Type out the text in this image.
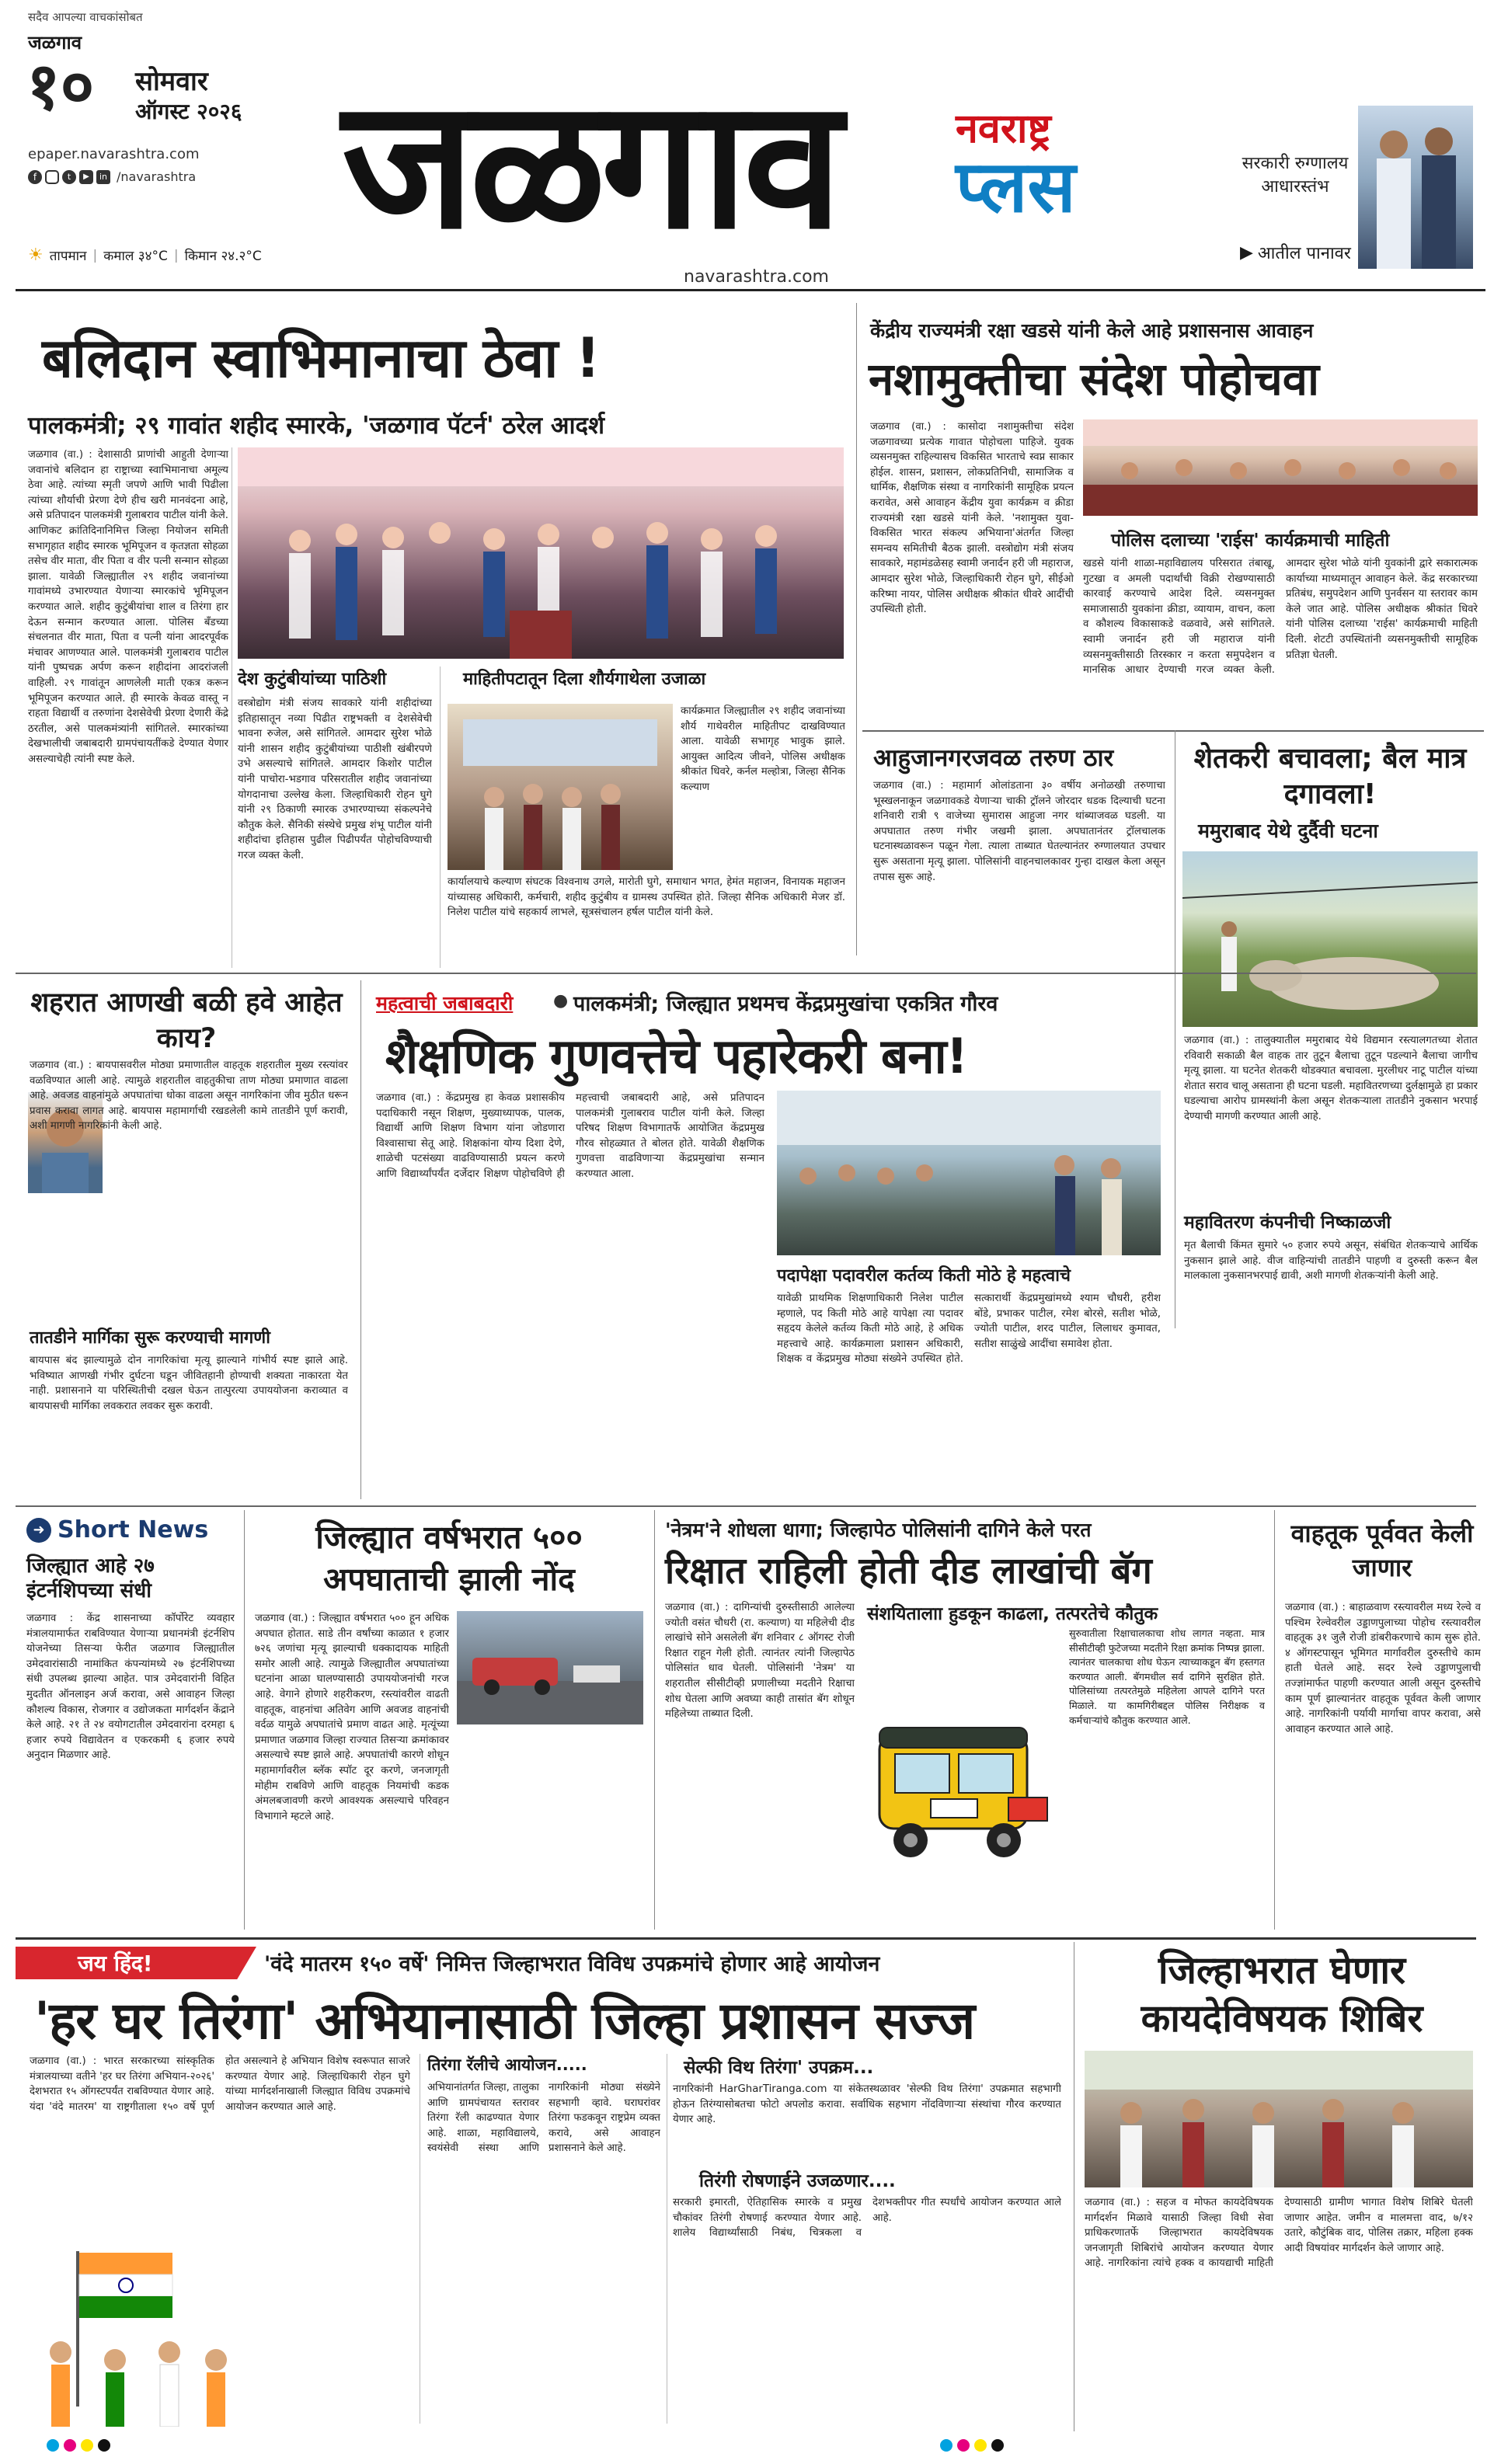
सदैव आपल्या वाचकांसोबत
जळगाव
१० सोमवार
ऑगस्ट २०२६
epaper.navarashtra.com
f	t	▶	in /navarashtra
☀ तापमान | कमाल ३४°C | किमान २४.२°C जळगाव
navarashtra.com
नवराष्ट्र
प्लस	सरकारी रुग्णालय आधारस्तंभ
▶ आतील पानावर
बलिदान स्वाभिमानाचा ठेवा !
पालकमंत्री; २९ गावांत शहीद स्मारके, 'जळगाव पॅटर्न' ठरेल आदर्श
जळगाव (वा.) : देशासाठी प्राणांची आहुती देणाऱ्या जवानांचे बलिदान हा राष्ट्राच्या स्वाभिमानाचा अमूल्य ठेवा आहे. त्यांच्या स्मृती जपणे आणि भावी पिढीला त्यांच्या शौर्याची प्रेरणा देणे हीच खरी मानवंदना आहे, असे प्रतिपादन पालकमंत्री गुलाबराव पाटील यांनी केले. आणिकट क्रांतिदिनानिमित्त जिल्हा नियोजन समिती सभागृहात शहीद स्मारक भूमिपूजन व कृतज्ञता सोहळा तसेच वीर माता, वीर पिता व वीर पत्नी सन्मान सोहळा झाला. यावेळी जिल्ह्यातील २९ शहीद जवानांच्या गावांमध्ये उभारण्यात येणाऱ्या स्मारकांचे भूमिपूजन करण्यात आले. शहीद कुटुंबीयांचा शाल व तिरंगा हार देऊन सन्मान करण्यात आला. पोलिस बँडच्या संचलनात वीर माता, पिता व पत्नी यांना आदरपूर्वक मंचावर आणण्यात आले. पालकमंत्री गुलाबराव पाटील यांनी पुष्पचक्र अर्पण करून शहीदांना आदरांजली वाहिली. २९ गावांतून आणलेली माती एकत्र करून भूमिपूजन करण्यात आले. ही स्मारके केवळ वास्तू न राहता विद्यार्थी व तरुणांना देशसेवेची प्रेरणा देणारी केंद्रे ठरतील, असे पालकमंत्र्यांनी सांगितले. स्मारकांच्या देखभालीची जबाबदारी ग्रामपंचायतींकडे देण्यात येणार असल्याचेही त्यांनी स्पष्ट केले.
देश कुटुंबीयांच्या पाठिशी
वस्त्रोद्योग मंत्री संजय सावकारे यांनी शहीदांच्या इतिहासातून नव्या पिढीत राष्ट्रभक्ती व देशसेवेची भावना रुजेल, असे सांगितले. आमदार सुरेश भोळे यांनी शासन शहीद कुटुंबीयांच्या पाठीशी खंबीरपणे उभे असल्याचे सांगितले. आमदार किशोर पाटील यांनी पाचोरा-भडगाव परिसरातील शहीद जवानांच्या योगदानाचा उल्लेख केला. जिल्हाधिकारी रोहन घुगे यांनी २९ ठिकाणी स्मारक उभारण्याच्या संकल्पनेचे कौतुक केले. सैनिकी संस्थेचे प्रमुख शंभू पाटील यांनी शहीदांचा इतिहास पुढील पिढीपर्यंत पोहोचविण्याची गरज व्यक्त केली.
माहितीपटातून दिला शौर्यगाथेला उजाळा
कार्यक्रमात जिल्ह्यातील २९ शहीद जवानांच्या शौर्य गाथेवरील माहितीपट दाखविण्यात आला. यावेळी सभागृह भावुक झाले. आयुक्त आदित्य जीवने, पोलिस अधीक्षक श्रीकांत धिवरे, कर्नल मल्होत्रा, जिल्हा सैनिक कल्याण
कार्यालयाचे कल्याण संघटक विश्वनाथ उगले, मारोती घुगे, समाधान भगत, हेमंत महाजन, विनायक महाजन यांच्यासह अधिकारी, कर्मचारी, शहीद कुटुंबीय व ग्रामस्थ उपस्थित होते. जिल्हा सैनिक अधिकारी मेजर डॉ. निलेश पाटील यांचे सहकार्य लाभले, सूत्रसंचालन हर्षल पाटील यांनी केले.
केंद्रीय राज्यमंत्री रक्षा खडसे यांनी केले आहे प्रशासनास आवाहन
नशामुक्तीचा संदेश पोहोचवा
जळगाव (वा.) : कासोदा नशामुक्तीचा संदेश जळगावच्या प्रत्येक गावात पोहोचला पाहिजे. युवक व्यसनमुक्त राहिल्यासच विकसित भारताचे स्वप्न साकार होईल. शासन, प्रशासन, लोकप्रतिनिधी, सामाजिक व धार्मिक, शैक्षणिक संस्था व नागरिकांनी सामूहिक प्रयत्न करावेत, असे आवाहन केंद्रीय युवा कार्यक्रम व क्रीडा राज्यमंत्री रक्षा खडसे यांनी केले. 'नशामुक्त युवा-विकसित भारत संकल्प अभियाना'अंतर्गत जिल्हा समन्वय समितीची बैठक झाली. वस्त्रोद्योग मंत्री संजय सावकारे, महामंडळेसह स्वामी जनार्दन हरी जी महाराज, आमदार सुरेश भोळे, जिल्हाधिकारी रोहन घुगे, सीईओ करिष्मा नायर, पोलिस अधीक्षक श्रीकांत धीवरे आदींची उपस्थिती होती.
पोलिस दलाच्या 'राईस' कार्यक्रमाची माहिती
खडसे यांनी शाळा-महाविद्यालय परिसरात तंबाखू, गुटखा व अमली पदार्थांची विक्री रोखण्यासाठी कारवाई करण्याचे आदेश दिले. व्यसनमुक्त समाजासाठी युवकांना क्रीडा, व्यायाम, वाचन, कला व कौशल्य विकासाकडे वळवावे, असे सांगितले. स्वामी जनार्दन हरी जी महाराज यांनी व्यसनमुक्तीसाठी तिरस्कार न करता समुपदेशन व मानसिक आधार देण्याची गरज व्यक्त केली. आमदार सुरेश भोळे यांनी युवकांनी द्वारे सकारात्मक कार्याच्या माध्यमातून आवाहन केले. केंद्र सरकारच्या प्रतिबंध, समुपदेशन आणि पुनर्वसन या स्तरावर काम केले जात आहे. पोलिस अधीक्षक श्रीकांत धिवरे यांनी पोलिस दलाच्या 'राईस' कार्यक्रमाची माहिती दिली. शेटटी उपस्थितांनी व्यसनमुक्तीची सामूहिक प्रतिज्ञा घेतली.
आहुजानगरजवळ तरुण ठार
जळगाव (वा.) : महामार्ग ओलांडताना ३० वर्षीय अनोळखी तरुणाचा भूस्खलनाकून जळगावकडे येणाऱ्या चाकी ट्रॉलने जोरदार धडक दिल्याची घटना शनिवारी रात्री ९ वाजेच्या सुमारास आहुजा नगर थांब्याजवळ घडली. या अपघातात तरुण गंभीर जखमी झाला. अपघातानंतर ट्रॉलचालक घटनास्थळावरून पळून गेला. त्याला ताब्यात घेतल्यानंतर रुग्णालयात उपचार सुरू असताना मृत्यू झाला. पोलिसांनी वाहनचालकावर गुन्हा दाखल केला असून तपास सुरू आहे.
शेतकरी बचावला; बैल मात्र दगावला!
ममुराबाद येथे दुर्दैवी घटना
जळगाव (वा.) : तालुक्यातील ममुराबाद येथे विद्यमान रस्त्यालगतच्या शेतात रविवारी सकाळी बैल वाहक तार तुटून बैलाचा तुटून पडल्याने बैलाचा जागीच मृत्यू झाला. या घटनेत शेतकरी थोडक्यात बचावला. मुरलीधर नाटू पाटील यांच्या शेतात सराव चालू असताना ही घटना घडली. महावितरणच्या दुर्लक्षामुळे हा प्रकार घडल्याचा आरोप ग्रामस्थांनी केला असून शेतकऱ्याला तातडीने नुकसान भरपाई देण्याची मागणी करण्यात आली आहे.
महावितरण कंपनीची निष्काळजी
मृत बैलाची किंमत सुमारे ५० हजार रुपये असून, संबंधित शेतकऱ्याचे आर्थिक नुकसान झाले आहे. वीज वाहिन्यांची तातडीने पाहणी व दुरुस्ती करून बैल मालकाला नुकसानभरपाई द्यावी, अशी मागणी शेतकऱ्यांनी केली आहे.
शहरात आणखी बळी हवे आहेत काय?
जळगाव (वा.) : बायपासवरील मोठ्या प्रमाणातील वाहतूक शहरातील मुख्य रस्त्यांवर वळविण्यात आली आहे. त्यामुळे शहरातील वाहतुकीचा ताण मोठ्या प्रमाणात वाढला आहे. अवजड वाहनांमुळे अपघातांचा धोका वाढला असून नागरिकांना जीव मुठीत धरून प्रवास करावा लागत आहे. बायपास महामार्गाची रखडलेली कामे तातडीने पूर्ण करावी, अशी मागणी नागरिकांनी केली आहे.
तातडीने मार्गिका सुरू करण्याची मागणी
बायपास बंद झाल्यामुळे दोन नागरिकांचा मृत्यू झाल्याने गांभीर्य स्पष्ट झाले आहे. भविष्यात आणखी गंभीर दुर्घटना घडून जीवितहानी होण्याची शक्यता नाकारता येत नाही. प्रशासनाने या परिस्थितीची दखल घेऊन तात्पुरत्या उपाययोजना कराव्यात व बायपासची मार्गिका लवकरात लवकर सुरू करावी.
महत्वाची जबाबदारी ● पालकमंत्री; जिल्ह्यात प्रथमच केंद्रप्रमुखांचा एकत्रित गौरव
शैक्षणिक गुणवत्तेचे पहारेकरी बना!
जळगाव (वा.) : केंद्रप्रमुख हा केवळ प्रशासकीय पदाधिकारी नसून शिक्षण, मुख्याध्यापक, पालक, विद्यार्थी आणि शिक्षण विभाग यांना जोडणारा विश्वासाचा सेतू आहे. शिक्षकांना योग्य दिशा देणे, शाळेची पटसंख्या वाढविण्यासाठी प्रयत्न करणे आणि विद्यार्थ्यांपर्यंत दर्जेदार शिक्षण पोहोचविणे ही महत्त्वाची जबाबदारी आहे, असे प्रतिपादन पालकमंत्री गुलाबराव पाटील यांनी केले. जिल्हा परिषद शिक्षण विभागातर्फे आयोजित केंद्रप्रमुख गौरव सोहळ्यात ते बोलत होते. यावेळी शैक्षणिक गुणवत्ता वाढविणाऱ्या केंद्रप्रमुखांचा सन्मान करण्यात आला.
पदापेक्षा पदावरील कर्तव्य किती मोठे हे महत्वाचे
यावेळी प्राथमिक शिक्षणाधिकारी निलेश पाटील म्हणाले, पद किती मोठे आहे यापेक्षा त्या पदावर सहृदय केलेले कर्तव्य किती मोठे आहे, हे अधिक महत्त्वाचे आहे. कार्यक्रमाला प्रशासन अधिकारी, शिक्षक व केंद्रप्रमुख मोठ्या संख्येने उपस्थित होते. सत्कारार्थी केंद्रप्रमुखांमध्ये श्याम चौधरी, हरीश बोंडे, प्रभाकर पाटील, रमेश बोरसे, सतीश भोळे, ज्योती पाटील, शरद पाटील, लिलाधर कुमावत, सतीश साळुंखे आदींचा समावेश होता.
➜ Short News
जिल्ह्यात आहे २७ इंटर्नशिपच्या संधी
जळगाव : केंद्र शासनाच्या कॉर्पोरेट व्यवहार मंत्रालयामार्फत राबविण्यात येणाऱ्या प्रधानमंत्री इंटर्नशिप योजनेच्या तिसऱ्या फेरीत जळगाव जिल्ह्यातील उमेदवारांसाठी नामांकित कंपन्यांमध्ये २७ इंटर्नशिपच्या संधी उपलब्ध झाल्या आहेत. पात्र उमेदवारांनी विहित मुदतीत ऑनलाइन अर्ज करावा, असे आवाहन जिल्हा कौशल्य विकास, रोजगार व उद्योजकता मार्गदर्शन केंद्राने केले आहे. २१ ते २४ वयोगटातील उमेदवारांना दरमहा ६ हजार रुपये विद्यावेतन व एकरकमी ६ हजार रुपये अनुदान मिळणार आहे.
जिल्ह्यात वर्षभरात ५०० अपघाताची झाली नोंद
जळगाव (वा.) : जिल्ह्यात वर्षभरात ५०० हून अधिक अपघात होतात. साडे तीन वर्षांच्या काळात १ हजार ७२६ जणांचा मृत्यू झाल्याची धक्कादायक माहिती समोर आली आहे. त्यामुळे जिल्ह्यातील अपघातांच्या घटनांना आळा घालण्यासाठी उपाययोजनांची गरज आहे. वेगाने होणारे शहरीकरण, रस्त्यांवरील वाढती वाहतूक, वाहनांचा अतिवेग आणि अवजड वाहनांची वर्दळ यामुळे अपघातांचे प्रमाण वाढत आहे. मृत्यूंच्या प्रमाणात जळगाव जिल्हा राज्यात तिसऱ्या क्रमांकावर असल्याचे स्पष्ट झाले आहे. अपघातांची कारणे शोधून महामार्गावरील ब्लॅक स्पॉट दूर करणे, जनजागृती मोहीम राबविणे आणि वाहतूक नियमांची कडक अंमलबजावणी करणे आवश्यक असल्याचे परिवहन विभागाने म्हटले आहे.
'नेत्रम'ने शोधला धागा; जिल्हापेठ पोलिसांनी दागिने केले परत
रिक्षात राहिली होती दीड लाखांची बॅग
जळगाव (वा.) : दागिन्यांची दुरुस्तीसाठी आलेल्या ज्योती वसंत चौधरी (रा. कल्याण) या महिलेची दीड लाखांचे सोने असलेली बॅग शनिवार ८ ऑगस्ट रोजी रिक्षात राहून गेली होती. त्यानंतर त्यांनी जिल्हापेठ पोलिसांत धाव घेतली. पोलिसांनी 'नेत्रम' या शहरातील सीसीटीव्ही प्रणालीच्या मदतीने रिक्षाचा शोध घेतला आणि अवघ्या काही तासांत बॅग शोधून महिलेच्या ताब्यात दिली.
संशयितालाा हुडकून काढला, तत्परतेचे कौतुक
सुरुवातीला रिक्षाचालकाचा शोध लागत नव्हता. मात्र सीसीटीव्ही फुटेजच्या मदतीने रिक्षा क्रमांक निष्पन्न झाला. त्यानंतर चालकाचा शोध घेऊन त्याच्याकडून बॅग हस्तगत करण्यात आली. बॅगमधील सर्व दागिने सुरक्षित होते. पोलिसांच्या तत्परतेमुळे महिलेला आपले दागिने परत मिळाले. या कामगिरीबद्दल पोलिस निरीक्षक व कर्मचाऱ्यांचे कौतुक करण्यात आले.
वाहतूक पूर्ववत केली जाणार
जळगाव (वा.) : बाहाळवाण रस्त्यावरील मध्य रेल्वे व पश्चिम रेल्वेवरील उड्डाणपुलाच्या पोहोच रस्त्यावरील वाहतूक ३१ जुलै रोजी डांबरीकरणाचे काम सुरू होते. ४ ऑगस्टपासून भूमिगत मार्गावरील दुरुस्तीचे काम हाती घेतले आहे. सदर रेल्वे उड्डाणपुलाची तज्ज्ञांमार्फत पाहणी करण्यात आली असून दुरुस्तीचे काम पूर्ण झाल्यानंतर वाहतूक पूर्ववत केली जाणार आहे. नागरिकांनी पर्यायी मार्गाचा वापर करावा, असे आवाहन करण्यात आले आहे.
जय हिंद!	'वंदे मातरम १५० वर्षे' निमित्त जिल्हाभरात विविध उपक्रमांचे होणार आहे आयोजन
'हर घर तिरंगा' अभियानासाठी जिल्हा प्रशासन सज्ज
जळगाव (वा.) : भारत सरकारच्या सांस्कृतिक मंत्रालयाच्या वतीने 'हर घर तिरंगा अभियान-२०२६' देशभरात १५ ऑगस्टपर्यंत राबविण्यात येणार आहे. यंदा 'वंदे मातरम' या राष्ट्रगीताला १५० वर्षे पूर्ण होत असल्याने हे अभियान विशेष स्वरूपात साजरे करण्यात येणार आहे. जिल्हाधिकारी रोहन घुगे यांच्या मार्गदर्शनाखाली जिल्ह्यात विविध उपक्रमांचे आयोजन करण्यात आले आहे.
तिरंगा रॅलीचे आयोजन.....
अभियानांतर्गत जिल्हा, तालुका आणि ग्रामपंचायत स्तरावर तिरंगा रॅली काढण्यात येणार आहे. शाळा, महाविद्यालये, स्वयंसेवी संस्था आणि नागरिकांनी मोठ्या संख्येने सहभागी व्हावे. घराघरांवर तिरंगा फडकवून राष्ट्रप्रेम व्यक्त करावे, असे आवाहन प्रशासनाने केले आहे.
सेल्फी विथ तिरंगा' उपक्रम...
नागरिकांनी HarGharTiranga.com या संकेतस्थळावर 'सेल्फी विथ तिरंगा' उपक्रमात सहभागी होऊन तिरंग्यासोबतचा फोटो अपलोड करावा. सर्वाधिक सहभाग नोंदविणाऱ्या संस्थांचा गौरव करण्यात येणार आहे.
तिरंगी रोषणाईने उजळणार....
सरकारी इमारती, ऐतिहासिक स्मारके व प्रमुख चौकांवर तिरंगी रोषणाई करण्यात येणार आहे. शालेय विद्यार्थ्यांसाठी निबंध, चित्रकला व देशभक्तीपर गीत स्पर्धांचे आयोजन करण्यात आले आहे.
जिल्हाभरात घेणार कायदेविषयक शिबिर
जळगाव (वा.) : सहज व मोफत कायदेविषयक मार्गदर्शन मिळावे यासाठी जिल्हा विधी सेवा प्राधिकरणातर्फे जिल्हाभरात कायदेविषयक जनजागृती शिबिरांचे आयोजन करण्यात येणार आहे. नागरिकांना त्यांचे हक्क व कायद्याची माहिती देण्यासाठी ग्रामीण भागात विशेष शिबिरे घेतली जाणार आहेत. जमीन व मालमत्ता वाद, ७/१२ उतारे, कौटुंबिक वाद, पोलिस तक्रार, महिला हक्क आदी विषयांवर मार्गदर्शन केले जाणार आहे.
